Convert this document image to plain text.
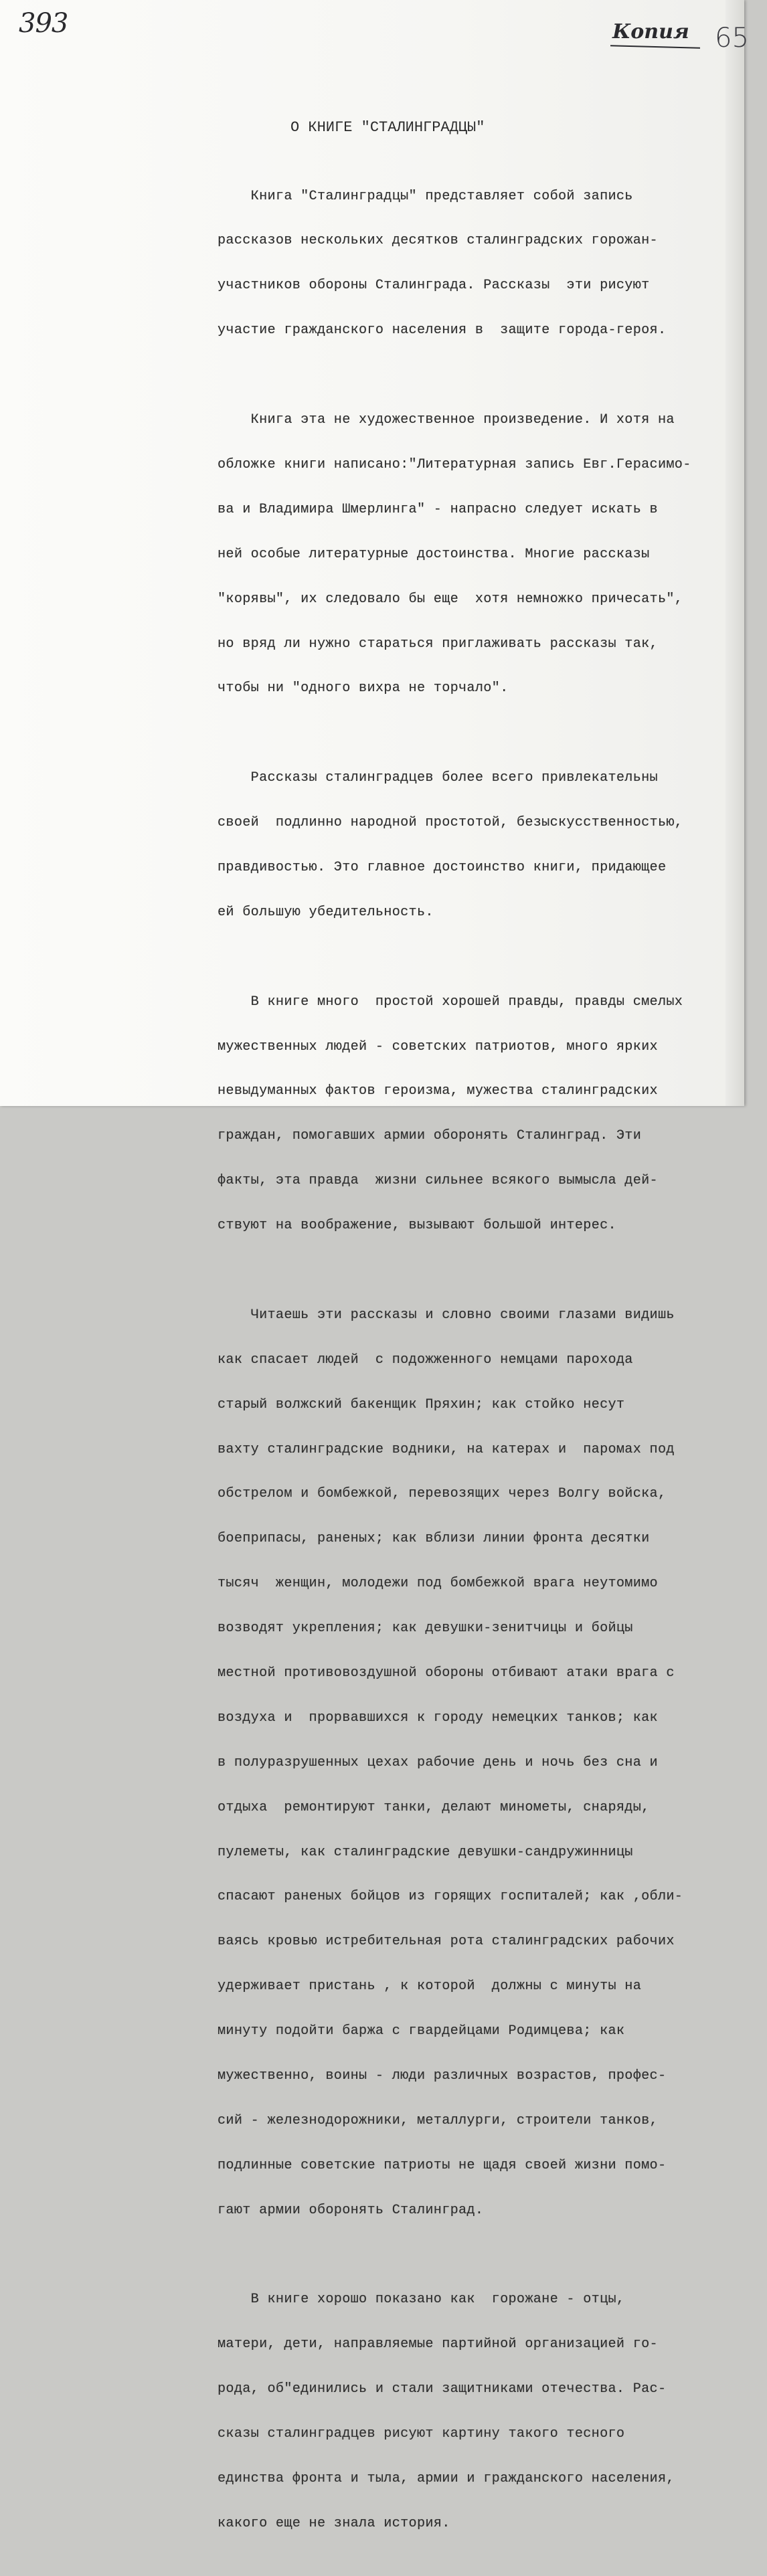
393	Копия 65
О КНИГЕ "СТАЛИНГРАДЦЫ"

Книга "Сталинградцы" представляет собой запись

рассказов нескольких десятков сталинградских горожан-

участников обороны Сталинграда. Рассказы  эти рисуют

участие гражданского населения в  защите города-героя.

Книга эта не художественное произведение. И хотя на

обложке книги написано:"Литературная запись Евг.Герасимо-

ва и Владимира Шмерлинга" - напрасно следует искать в

ней особые литературные достоинства. Многие рассказы

"корявы", их следовало бы еще  хотя немножко причесать",

но вряд ли нужно стараться приглаживать рассказы так,

чтобы ни "одного вихра не торчало".

Рассказы сталинградцев более всего привлекательны

своей  подлинно народной простотой, безыскусственностью,

правдивостью. Это главное достоинство книги, придающее

ей большую убедительность.

В книге много  простой хорошей правды, правды смелых

мужественных людей - советских патриотов, много ярких

невыдуманных фактов героизма, мужества сталинградских

граждан, помогавших армии оборонять Сталинград. Эти

факты, эта правда  жизни сильнее всякого вымысла дей-

ствуют на воображение, вызывают большой интерес.

Читаешь эти рассказы и словно своими глазами видишь

как спасает людей  с подожженного немцами парохода

старый волжский бакенщик Пряхин; как стойко несут

вахту сталинградские водники, на катерах и  паромах под

обстрелом и бомбежкой, перевозящих через Волгу войска,

боеприпасы, раненых; как вблизи линии фронта десятки

тысяч  женщин, молодежи под бомбежкой врага неутомимо

возводят укрепления; как девушки-зенитчицы и бойцы

местной противовоздушной обороны отбивают атаки врага с

воздуха и  прорвавшихся к городу немецких танков; как

в полуразрушенных цехах рабочие день и ночь без сна и

отдыха  ремонтируют танки, делают минометы, снаряды,

пулеметы, как сталинградские девушки-сандружинницы

спасают раненых бойцов из горящих госпиталей; как ,обли-

ваясь кровью истребительная рота сталинградских рабочих

удерживает пристань , к которой  должны с минуты на

минуту подойти баржа с гвардейцами Родимцева; как

мужественно, воины - люди различных возрастов, профес-

сий - железнодорожники, металлурги, строители танков,

подлинные советские патриоты не щадя своей жизни помо-

гают армии оборонять Сталинград.

В книге хорошо показано как  горожане - отцы,

матери, дети, направляемые партийной организацией го-

рода, об"единились и стали защитниками отечества. Рас-

сказы сталинградцев рисуют картину такого тесного

единства фронта и тыла, армии и гражданского населения,

какого еще не знала история.
